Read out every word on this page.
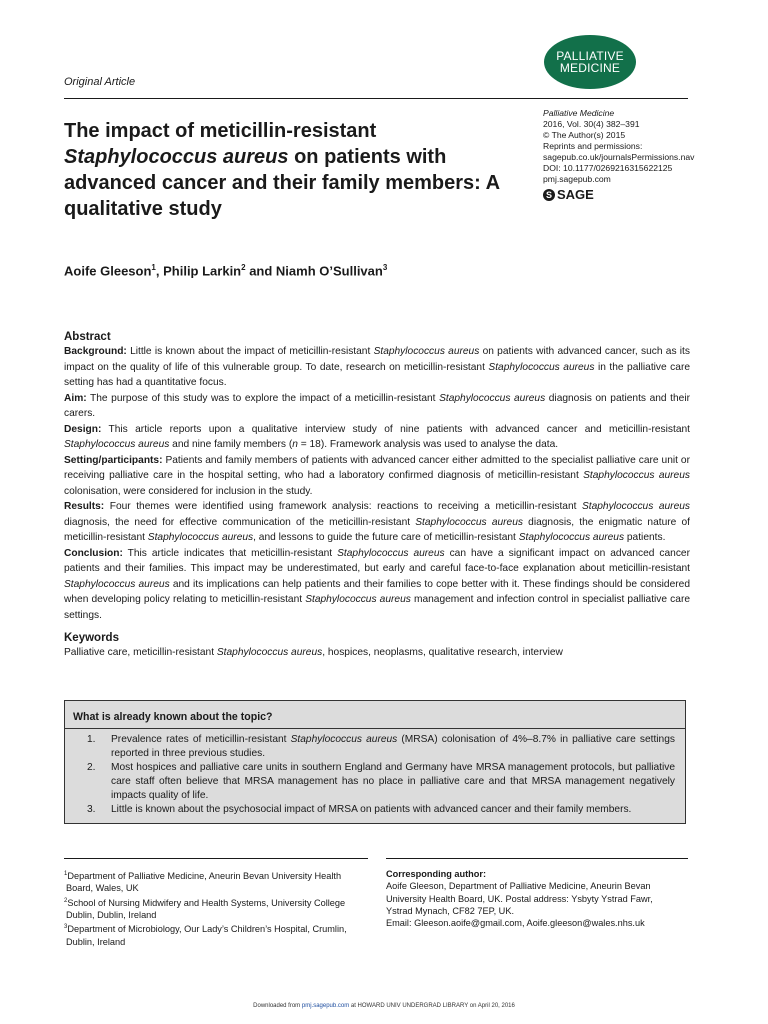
PALLIATIVE
MEDICINE
Original Article
The impact of meticillin-resistant
Staphylococcus aureus on patients with advanced cancer and their family members: A qualitative study
Palliative Medicine
2016, Vol. 30(4) 382–391
© The Author(s) 2015
Reprints and permissions:
sagepub.co.uk/journalsPermissions.nav
DOI: 10.1177/0269216315622125
pmj.sagepub.com
S SAGE
Aoife Gleeson$^1$, Philip Larkin$^2$ and Niamh O’Sullivan$^3$
Abstract

Background: Little is known about the impact of meticillin-resistant Staphylococcus aureus on patients with advanced cancer, such as its impact on the quality of life of this vulnerable group. To date, research on meticillin-resistant Staphylococcus aureus in the palliative care setting has had a quantitative focus.

Aim: The purpose of this study was to explore the impact of a meticillin-resistant Staphylococcus aureus diagnosis on patients and their carers.

Design: This article reports upon a qualitative interview study of nine patients with advanced cancer and meticillin-resistant Staphylococcus aureus and nine family members (n = 18). Framework analysis was used to analyse the data.

Setting/participants: Patients and family members of patients with advanced cancer either admitted to the specialist palliative care unit or receiving palliative care in the hospital setting, who had a laboratory confirmed diagnosis of meticillin-resistant Staphylococcus aureus colonisation, were considered for inclusion in the study.

Results: Four themes were identified using framework analysis: reactions to receiving a meticillin-resistant Staphylococcus aureus diagnosis, the need for effective communication of the meticillin-resistant Staphylococcus aureus diagnosis, the enigmatic nature of meticillin-resistant Staphylococcus aureus, and lessons to guide the future care of meticillin-resistant Staphylococcus aureus patients.

Conclusion: This article indicates that meticillin-resistant Staphylococcus aureus can have a significant impact on advanced cancer patients and their families. This impact may be underestimated, but early and careful face-to-face explanation about meticillin-resistant Staphylococcus aureus and its implications can help patients and their families to cope better with it. These findings should be considered when developing policy relating to meticillin-resistant Staphylococcus aureus management and infection control in specialist palliative care settings.

Keywords

Palliative care, meticillin-resistant Staphylococcus aureus, hospices, neoplasms, qualitative research, interview

What is already known about the topic?
1. Prevalence rates of meticillin-resistant Staphylococcus aureus (MRSA) colonisation of 4%–8.7% in palliative care settings reported in three previous studies.
2. Most hospices and palliative care units in southern England and Germany have MRSA management protocols, but palliative care staff often believe that MRSA management has no place in palliative care and that MRSA management negatively impacts quality of life.
3. Little is known about the psychosocial impact of MRSA on patients with advanced cancer and their family members.
$^1$Department of Palliative Medicine, Aneurin Bevan University Health
Board, Wales, UK
$^2$School of Nursing Midwifery and Health Systems, University College
Dublin, Dublin, Ireland
$^3$Department of Microbiology, Our Lady’s Children’s Hospital, Crumlin,
Dublin, Ireland
Corresponding author:
Aoife Gleeson, Department of Palliative Medicine, Aneurin Bevan
University Health Board, UK. Postal address: Ysbyty Ystrad Fawr,
Ystrad Mynach, CF82 7EP, UK.
Email: Gleeson.aoife@gmail.com, Aoife.gleeson@wales.nhs.uk
Downloaded from pmj.sagepub.com at HOWARD UNIV UNDERGRAD LIBRARY on April 20, 2016
